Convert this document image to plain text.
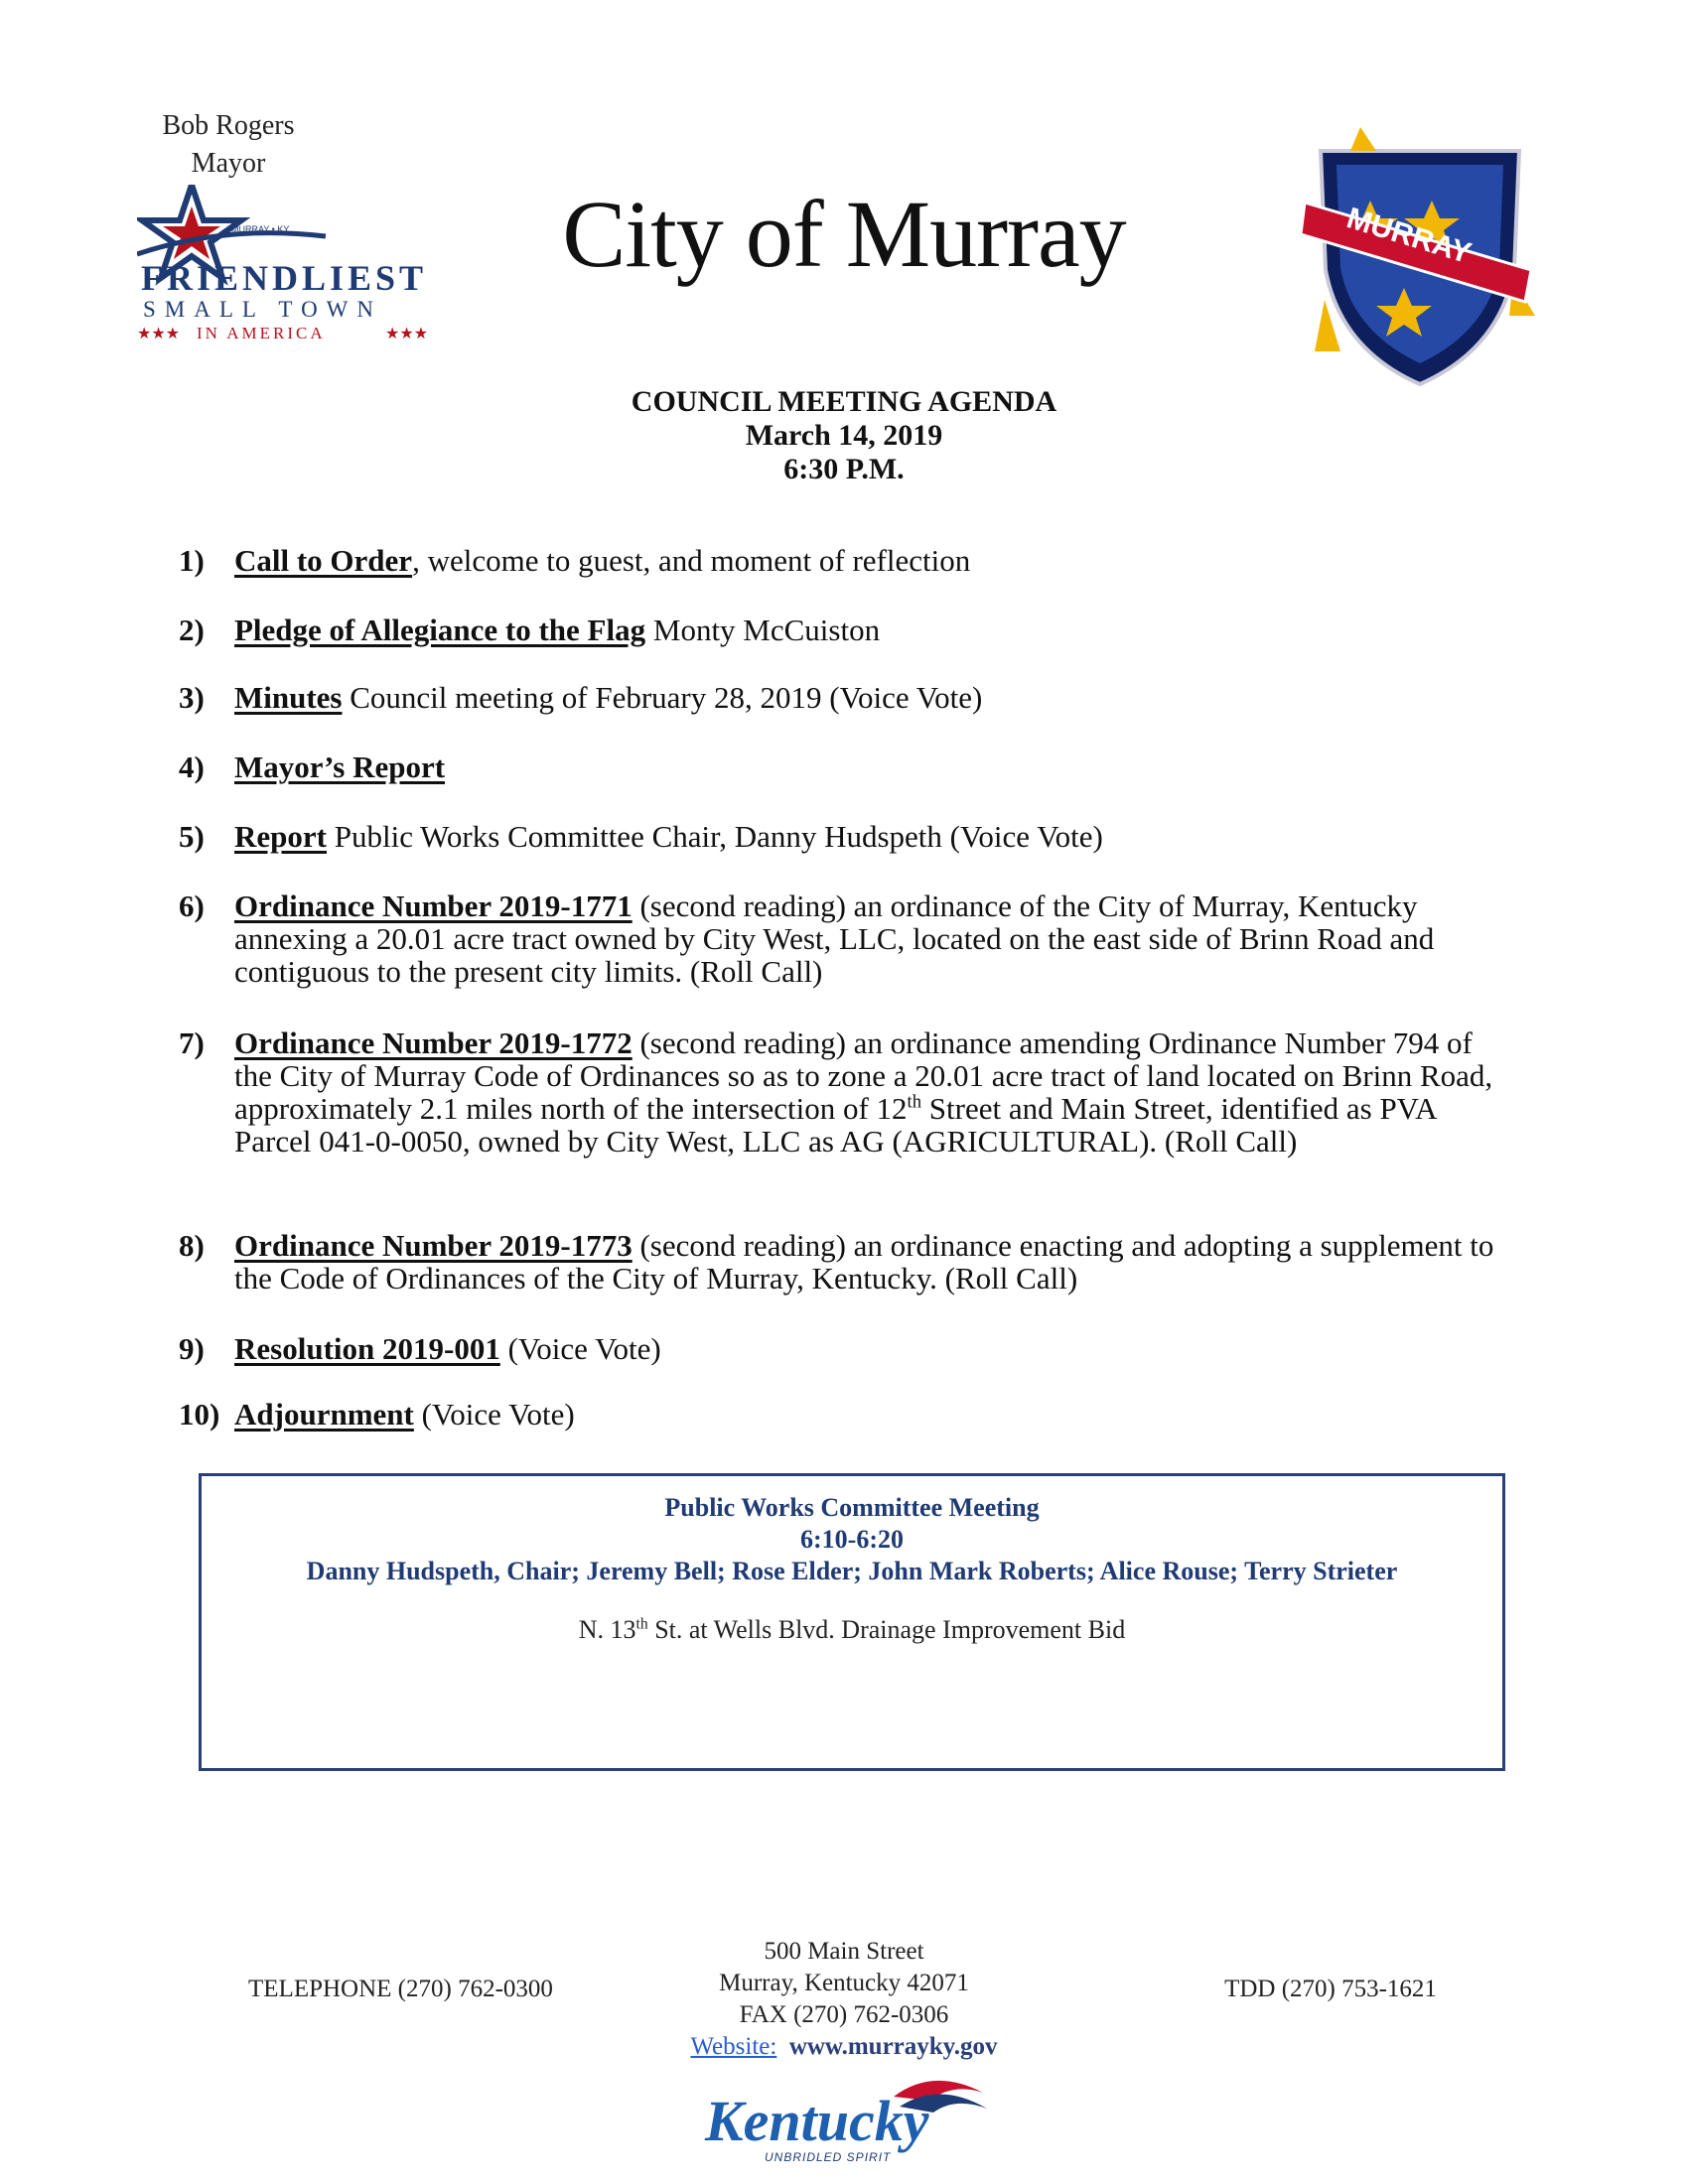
Bob Rogers
Mayor
MURRAY • KY
FRIENDLIEST
SMALL TOWN
★★★ IN AMERICA	★★★
City of Murray	MURRAY
COUNCIL MEETING AGENDA
March 14, 2019
6:30 P.M.
1) Call to Order, welcome to guest, and moment of reflection
2) Pledge of Allegiance to the Flag Monty McCuiston
3) Minutes Council meeting of February 28, 2019 (Voice Vote)
4) Mayor’s Report
5) Report Public Works Committee Chair, Danny Hudspeth (Voice Vote)
6) Ordinance Number 2019-1771 (second reading) an ordinance of the City of Murray, Kentucky annexing a 20.01 acre tract owned by City West, LLC, located on the east side of Brinn Road and contiguous to the present city limits. (Roll Call)
7) Ordinance Number 2019-1772 (second reading) an ordinance amending Ordinance Number 794 of the City of Murray Code of Ordinances so as to zone a 20.01 acre tract of land located on Brinn Road, approximately 2.1 miles north of the intersection of 12th Street and Main Street, identified as PVA Parcel 041-0-0050, owned by City West, LLC as AG (AGRICULTURAL). (Roll Call)
8) Ordinance Number 2019-1773 (second reading) an ordinance enacting and adopting a supplement to the Code of Ordinances of the City of Murray, Kentucky. (Roll Call)
9) Resolution 2019-001 (Voice Vote)
10) Adjournment (Voice Vote)
Public Works Committee Meeting
6:10-6:20
Danny Hudspeth, Chair; Jeremy Bell; Rose Elder; John Mark Roberts; Alice Rouse; Terry Strieter
N. 13th St. at Wells Blvd. Drainage Improvement Bid
TELEPHONE (270) 762-0300
500 Main Street
Murray, Kentucky 42071
FAX (270) 762-0306
Website: www.murrayky.gov
TDD (270) 753-1621
Kentucky
UNBRIDLED SPIRIT
